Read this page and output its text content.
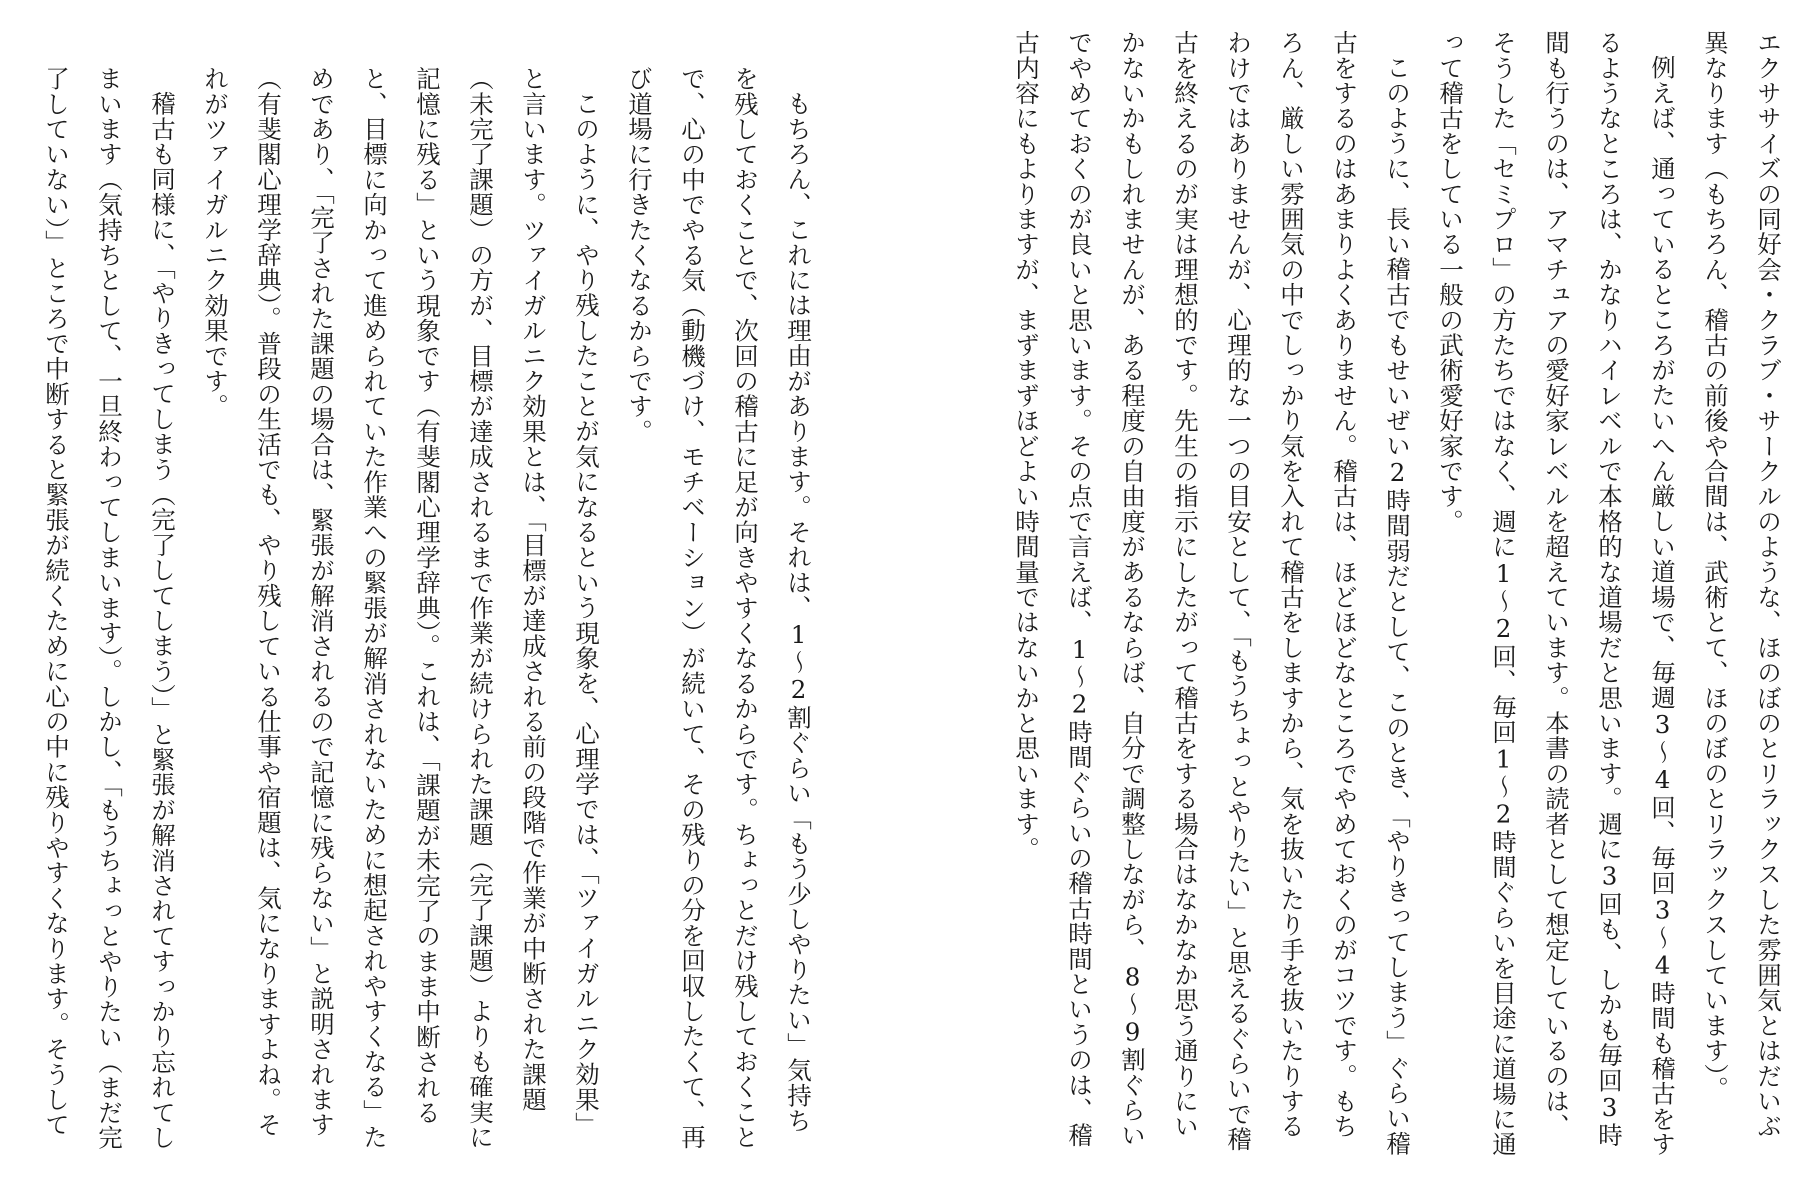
エクササイズの同好会・クラブ・サークルのような、ほのぼのとリラックスした雰囲気とはだいぶ異なります（もちろん、稽古の前後や合間は、武術とて、ほのぼのとリラックスしています）。

例えば、通っているところがたいへん厳しい道場で、毎週3〜4回、毎回3〜4時間も稽古をするようなところは、かなりハイレベルで本格的な道場だと思います。週に3回も、しかも毎回3時間も行うのは、アマチュアの愛好家レベルを超えています。本書の読者として想定しているのは、そうした「セミプロ」の方たちではなく、週に1〜2回、毎回1〜2時間ぐらいを目途に道場に通って稽古をしている一般の武術愛好家です。

このように、長い稽古でもせいぜい2時間弱だとして、このとき、「やりきってしまう」ぐらい稽古をするのはあまりよくありません。稽古は、ほどほどなところでやめておくのがコツです。もちろん、厳しい雰囲気の中でしっかり気を入れて稽古をしますから、気を抜いたり手を抜いたりするわけではありませんが、心理的な一つの目安として、「もうちょっとやりたい」と思えるぐらいで稽古を終えるのが実は理想的です。先生の指示にしたがって稽古をする場合はなかなか思う通りにいかないかもしれませんが、ある程度の自由度があるならば、自分で調整しながら、8〜9割ぐらいでやめておくのが良いと思います。その点で言えば、1〜2時間ぐらいの稽古時間というのは、稽古内容にもよりますが、まずまずほどよい時間量ではないかと思います。

もちろん、これには理由があります。それは、1〜2割ぐらい「もう少しやりたい」気持ちを残しておくことで、次回の稽古に足が向きやすくなるからです。ちょっとだけ残しておくことで、心の中でやる気（動機づけ、モチベーション）が続いて、その残りの分を回収したくて、再び道場に行きたくなるからです。

このように、やり残したことが気になるという現象を、心理学では、「ツァイガルニク効果」と言います。ツァイガルニク効果とは、「目標が達成される前の段階で作業が中断された課題（未完了課題）の方が、目標が達成されるまで作業が続けられた課題（完了課題）よりも確実に記憶に残る」という現象です（有斐閣心理学辞典）。これは、「課題が未完了のまま中断されると、目標に向かって進められていた作業への緊張が解消されないために想起されやすくなる」ためであり、「完了された課題の場合は、緊張が解消されるので記憶に残らない」と説明されます（有斐閣心理学辞典）。普段の生活でも、やり残している仕事や宿題は、気になりますよね。それがツァイガルニク効果です。

稽古も同様に、「やりきってしまう（完了してしまう）」と緊張が解消されてすっかり忘れてしまいます（気持ちとして、一旦終わってしまいます）。しかし、「もうちょっとやりたい（まだ完了していない）」ところで中断すると緊張が続くために心の中に残りやすくなります。そうして
